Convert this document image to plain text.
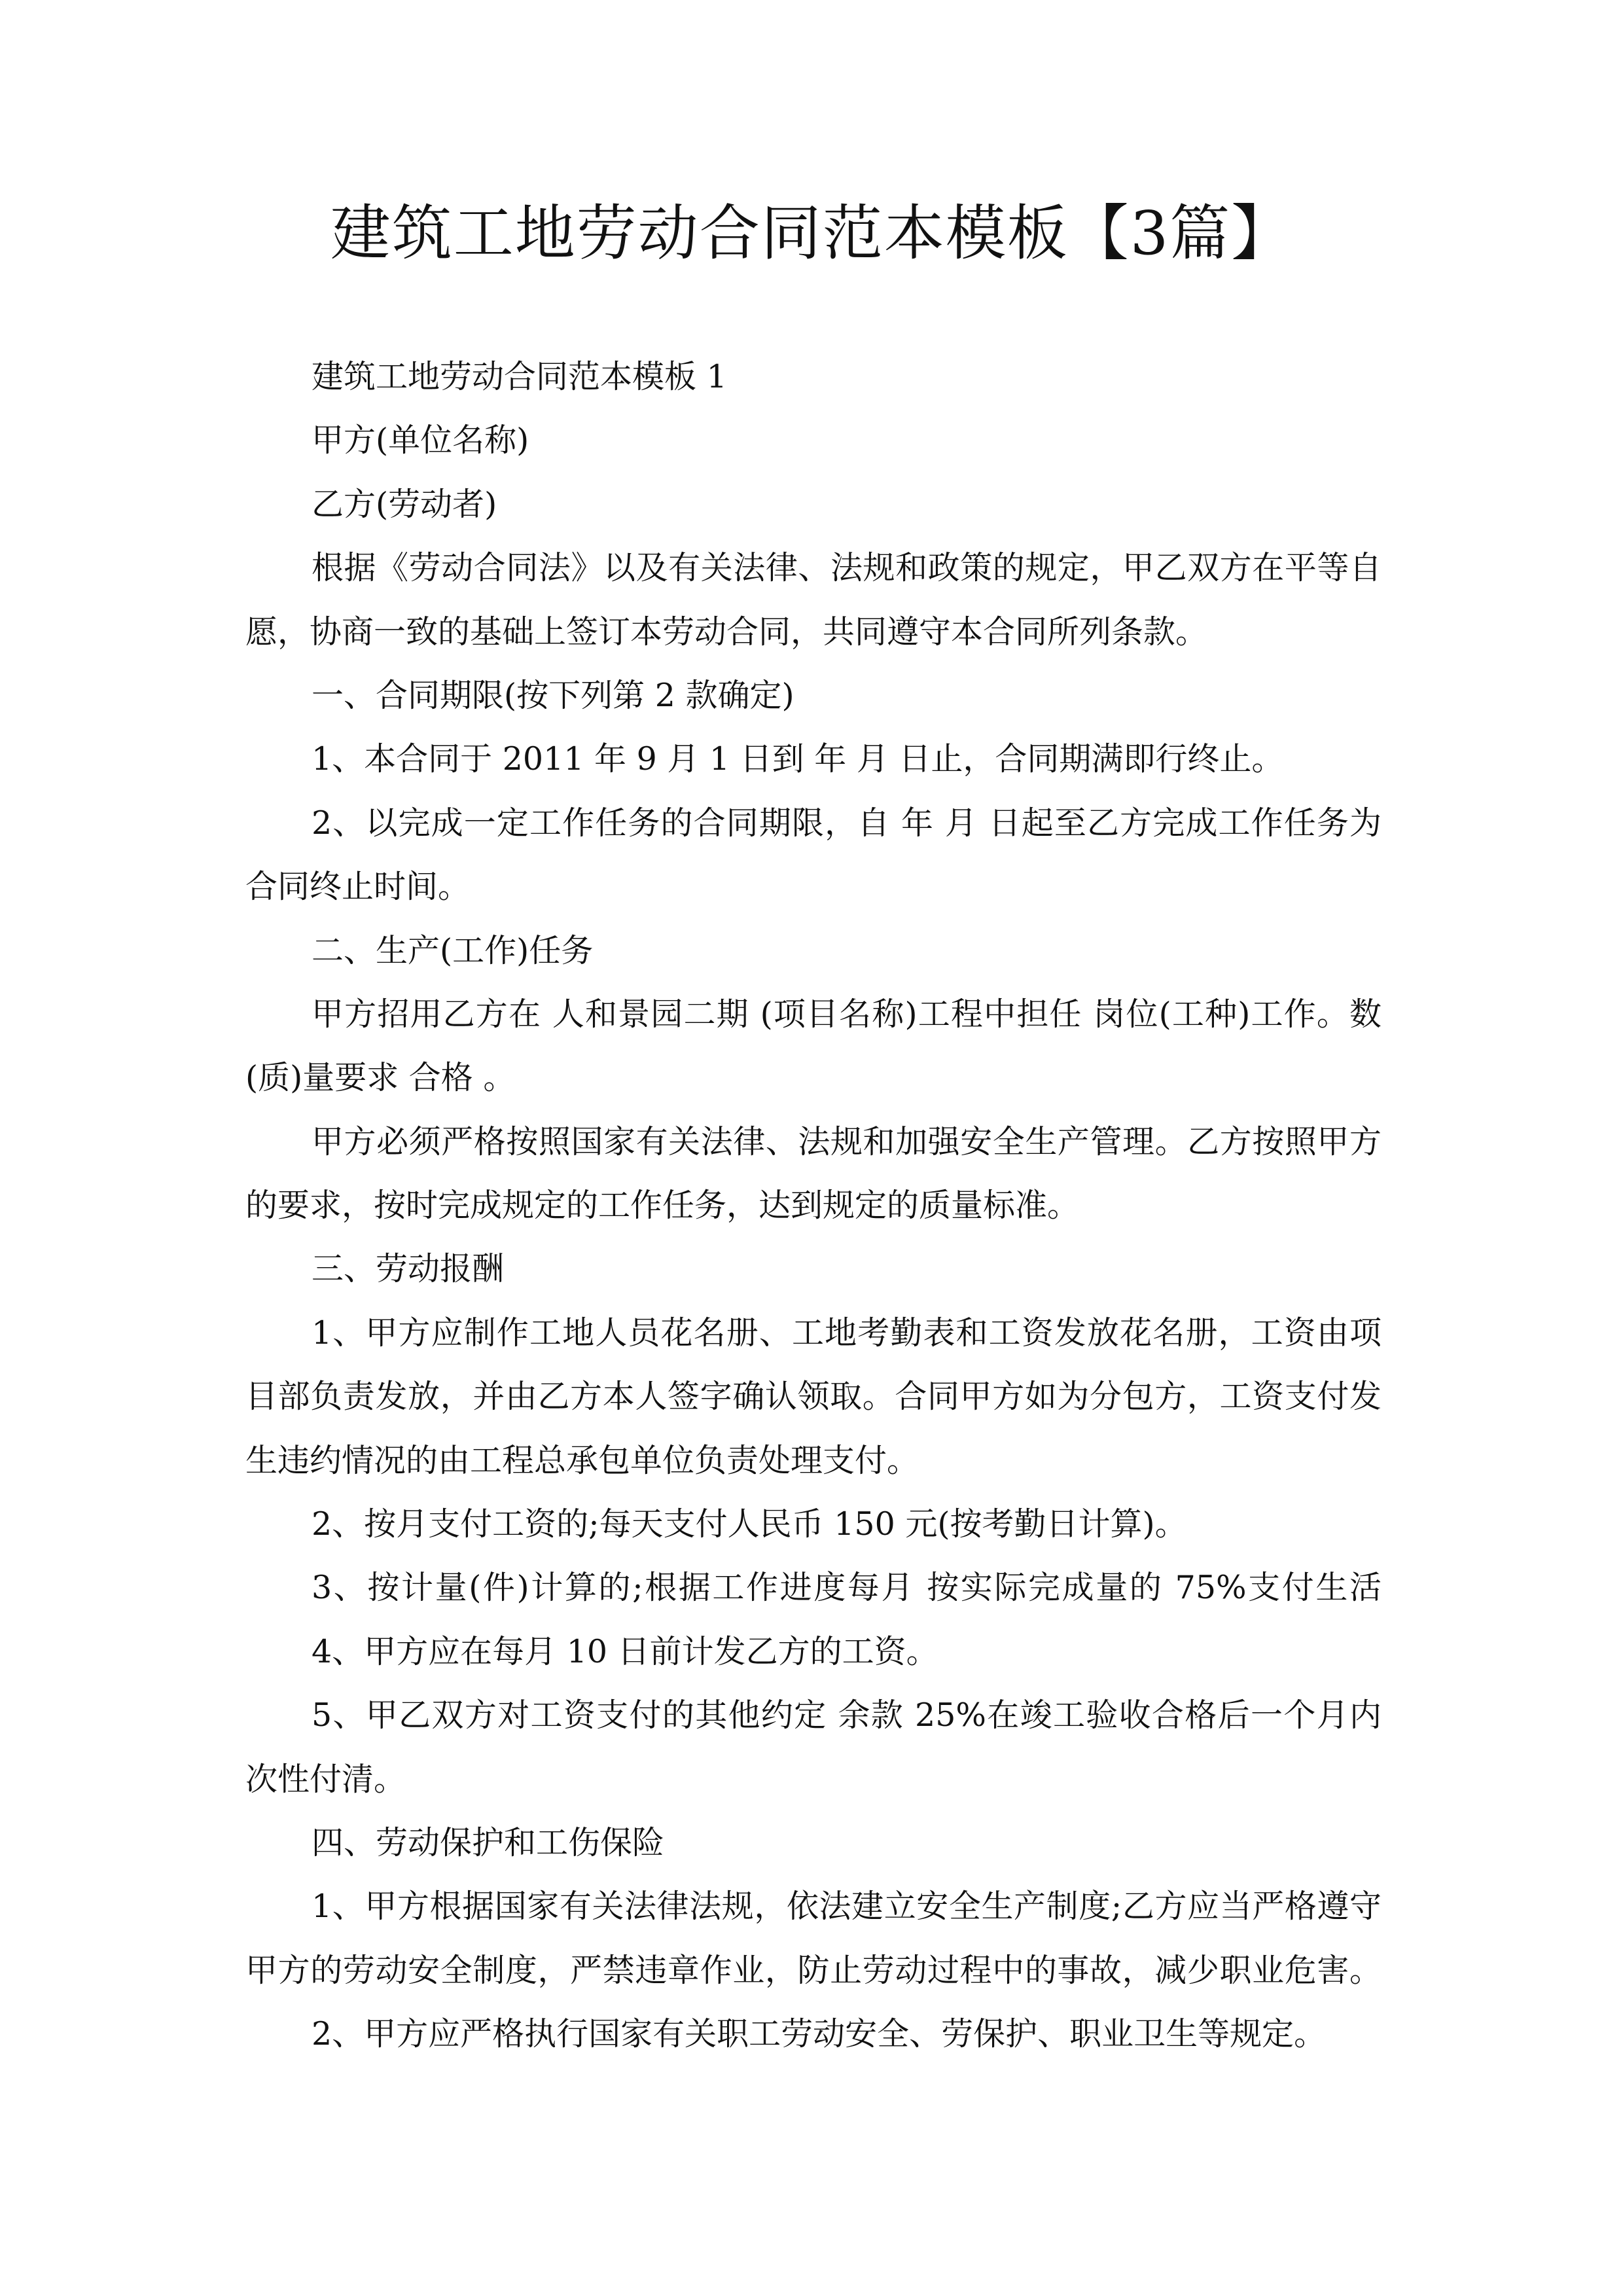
建筑工地劳动合同范本模板【3篇】
建筑工地劳动合同范本模板 1
甲方(单位名称)
乙方(劳动者)
根据《劳动合同法》以及有关法律、法规和政策的规定，甲乙双方在平等自
愿，协商一致的基础上签订本劳动合同，共同遵守本合同所列条款。
一、合同期限(按下列第 2 款确定)
1、本合同于 2011 年 9 月 1 日到 年 月 日止，合同期满即行终止。
2、以完成一定工作任务的合同期限，自 年 月 日起至乙方完成工作任务为
合同终止时间。
二、生产(工作)任务
甲方招用乙方在 人和景园二期 (项目名称)工程中担任 岗位(工种)工作。数
(质)量要求 合格 。
甲方必须严格按照国家有关法律、法规和加强安全生产管理。乙方按照甲方
的要求，按时完成规定的工作任务，达到规定的质量标准。
三、劳动报酬
1、甲方应制作工地人员花名册、工地考勤表和工资发放花名册，工资由项
目部负责发放，并由乙方本人签字确认领取。合同甲方如为分包方，工资支付发
生违约情况的由工程总承包单位负责处理支付。
2、按月支付工资的;每天支付人民币 150 元(按考勤日计算)。
3、按计量(件)计算的;根据工作进度每月 按实际完成量的 75%支付生活
4、甲方应在每月 10 日前计发乙方的工资。
5、甲乙双方对工资支付的其他约定 余款 25%在竣工验收合格后一个月内
次性付清。
四、劳动保护和工伤保险
1、甲方根据国家有关法律法规，依法建立安全生产制度;乙方应当严格遵守
甲方的劳动安全制度，严禁违章作业，防止劳动过程中的事故，减少职业危害。
2、甲方应严格执行国家有关职工劳动安全、劳保护、职业卫生等规定。
